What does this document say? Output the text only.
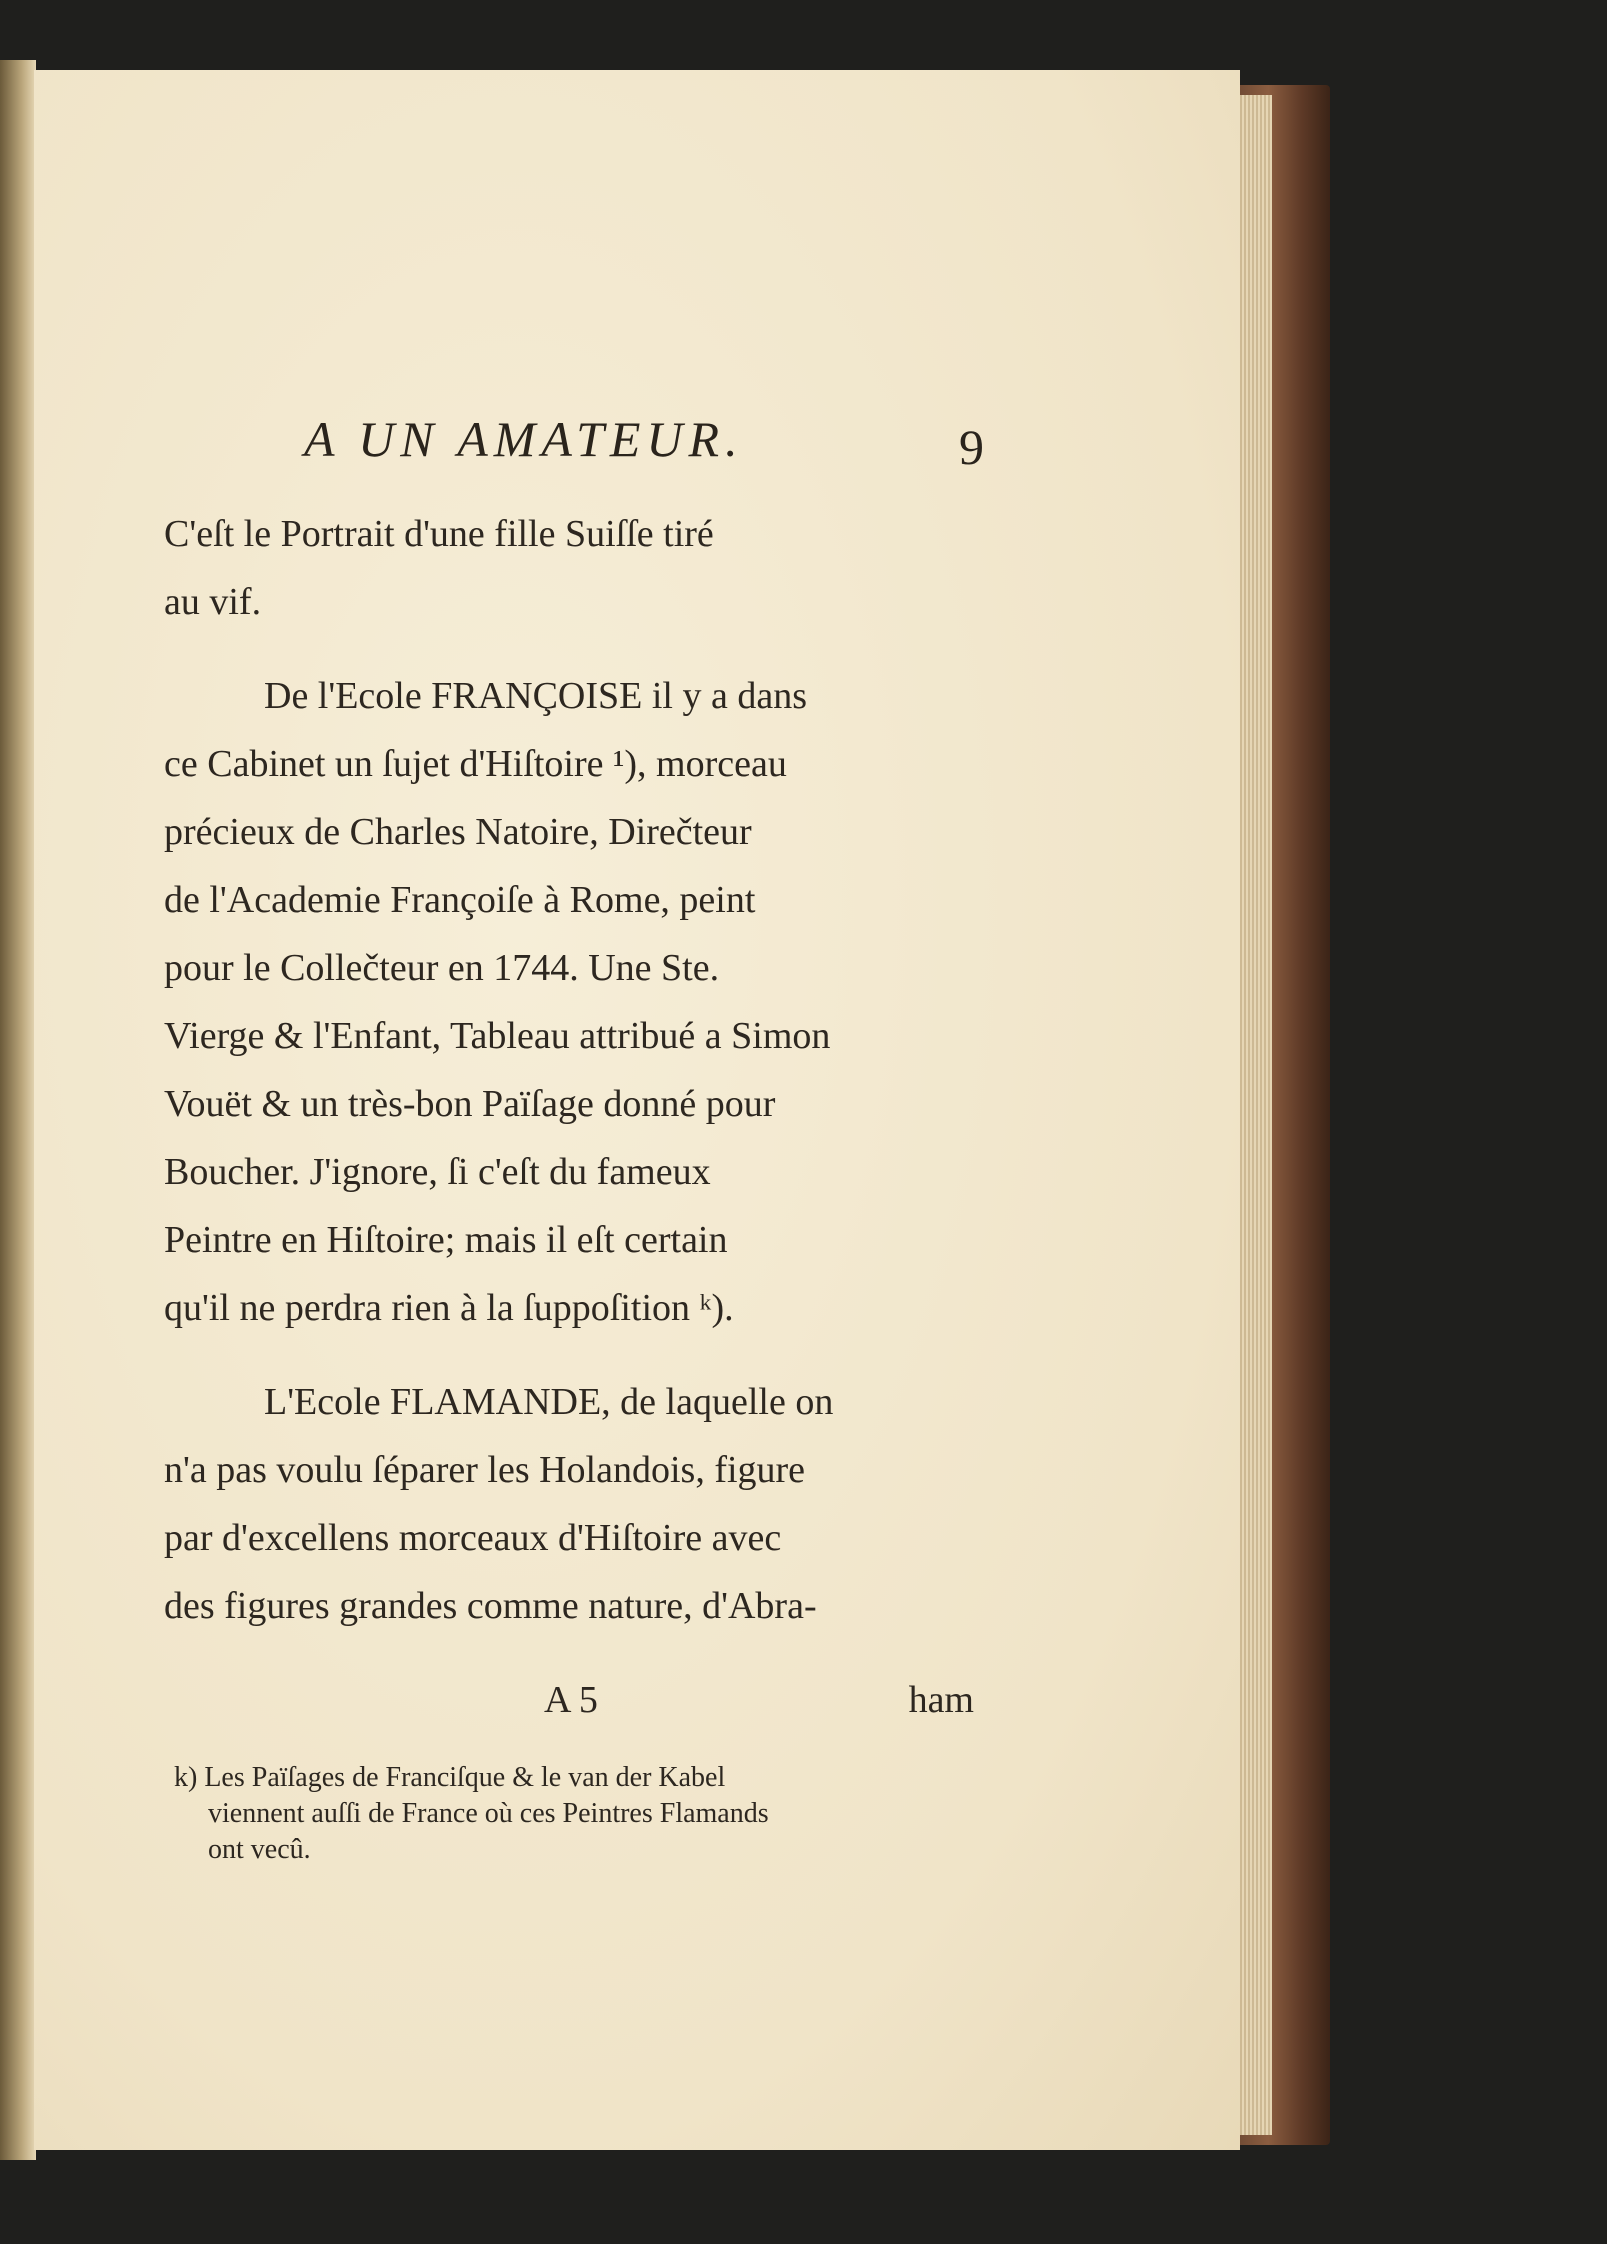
A UN AMATEUR.	9

C'eſt le Portrait d'une fille Suiſſe tiré

au vif.

De l'Ecole FRANÇOISE il y a dans

ce Cabinet un ſujet d'Hiſtoire ¹), morceau

précieux de Charles Natoire, Direčteur

de l'Academie Françoiſe à Rome, peint

pour le Collečteur en 1744. Une Ste.

Vierge & l'Enfant, Tableau attribué a Simon

Vouët & un très-bon Païſage donné pour

Boucher. J'ignore, ſi c'eſt du fameux

Peintre en Hiſtoire; mais il eſt certain

qu'il ne perdra rien à la ſuppoſition ᵏ).

L'Ecole FLAMANDE, de laquelle on

n'a pas voulu ſéparer les Holandois, figure

par d'excellens morceaux d'Hiſtoire avec

des figures grandes comme nature, d'Abra-

A 5	ham

k) Les Païſages de Franciſque & le van der Kabel

viennent auſſi de France où ces Peintres Flamands

ont vecû.
